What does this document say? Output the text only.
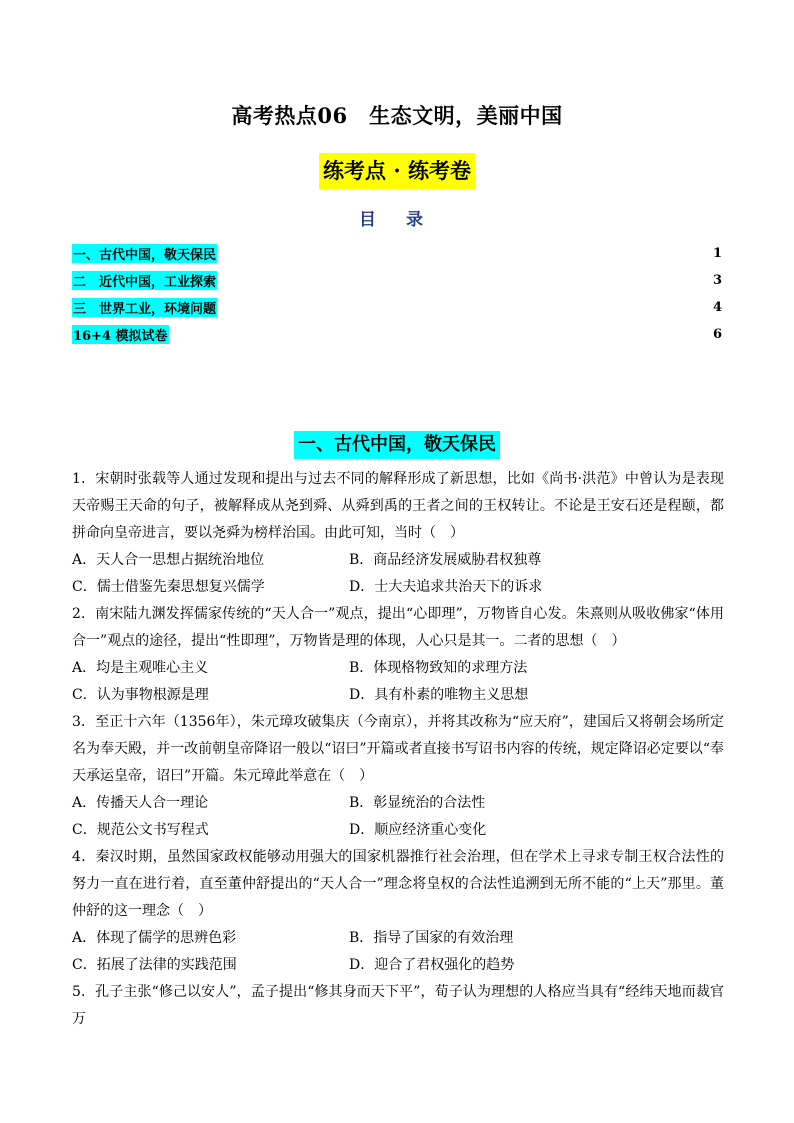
高考热点06　生态文明，美丽中国
练考点 · 练考卷
目 录
一、古代中国，敬天保民	1
二　近代中国，工业探索	3
三　世界工业，环境问题	4
16+4 模拟试卷	6
一、古代中国，敬天保民
1．宋朝时张载等人通过发现和提出与过去不同的解释形成了新思想，比如《尚书·洪范》中曾认为是表现天帝赐王天命的句子，被解释成从尧到舜、从舜到禹的王者之间的王权转让。不论是王安石还是程颐，都拼命向皇帝进言，要以尧舜为榜样治国。由此可知，当时（　）
A．天人合一思想占据统治地位	B．商品经济发展威胁君权独尊
C．儒士借鉴先秦思想复兴儒学	D．士大夫追求共治天下的诉求
2．南宋陆九渊发挥儒家传统的“天人合一”观点，提出“心即理”，万物皆自心发。朱熹则从吸收佛家“体用合一”观点的途径，提出“性即理”，万物皆是理的体现，人心只是其一。二者的思想（　）
A．均是主观唯心主义	B．体现格物致知的求理方法
C．认为事物根源是理	D．具有朴素的唯物主义思想
3．至正十六年（1356年），朱元璋攻破集庆（今南京），并将其改称为“应天府”，建国后又将朝会场所定名为奉天殿，并一改前朝皇帝降诏一般以“诏曰”开篇或者直接书写诏书内容的传统，规定降诏必定要以“奉天承运皇帝，诏曰”开篇。朱元璋此举意在（　）
A．传播天人合一理论	B．彰显统治的合法性
C．规范公文书写程式	D．顺应经济重心变化
4．秦汉时期，虽然国家政权能够动用强大的国家机器推行社会治理，但在学术上寻求专制王权合法性的努力一直在进行着，直至董仲舒提出的“天人合一”理念将皇权的合法性追溯到无所不能的“上天”那里。董仲舒的这一理念（　）
A．体现了儒学的思辨色彩	B．指导了国家的有效治理
C．拓展了法律的实践范围	D．迎合了君权强化的趋势
5．孔子主张“修己以安人”，孟子提出“修其身而天下平”，荀子认为理想的人格应当具有“经纬天地而裁官万
